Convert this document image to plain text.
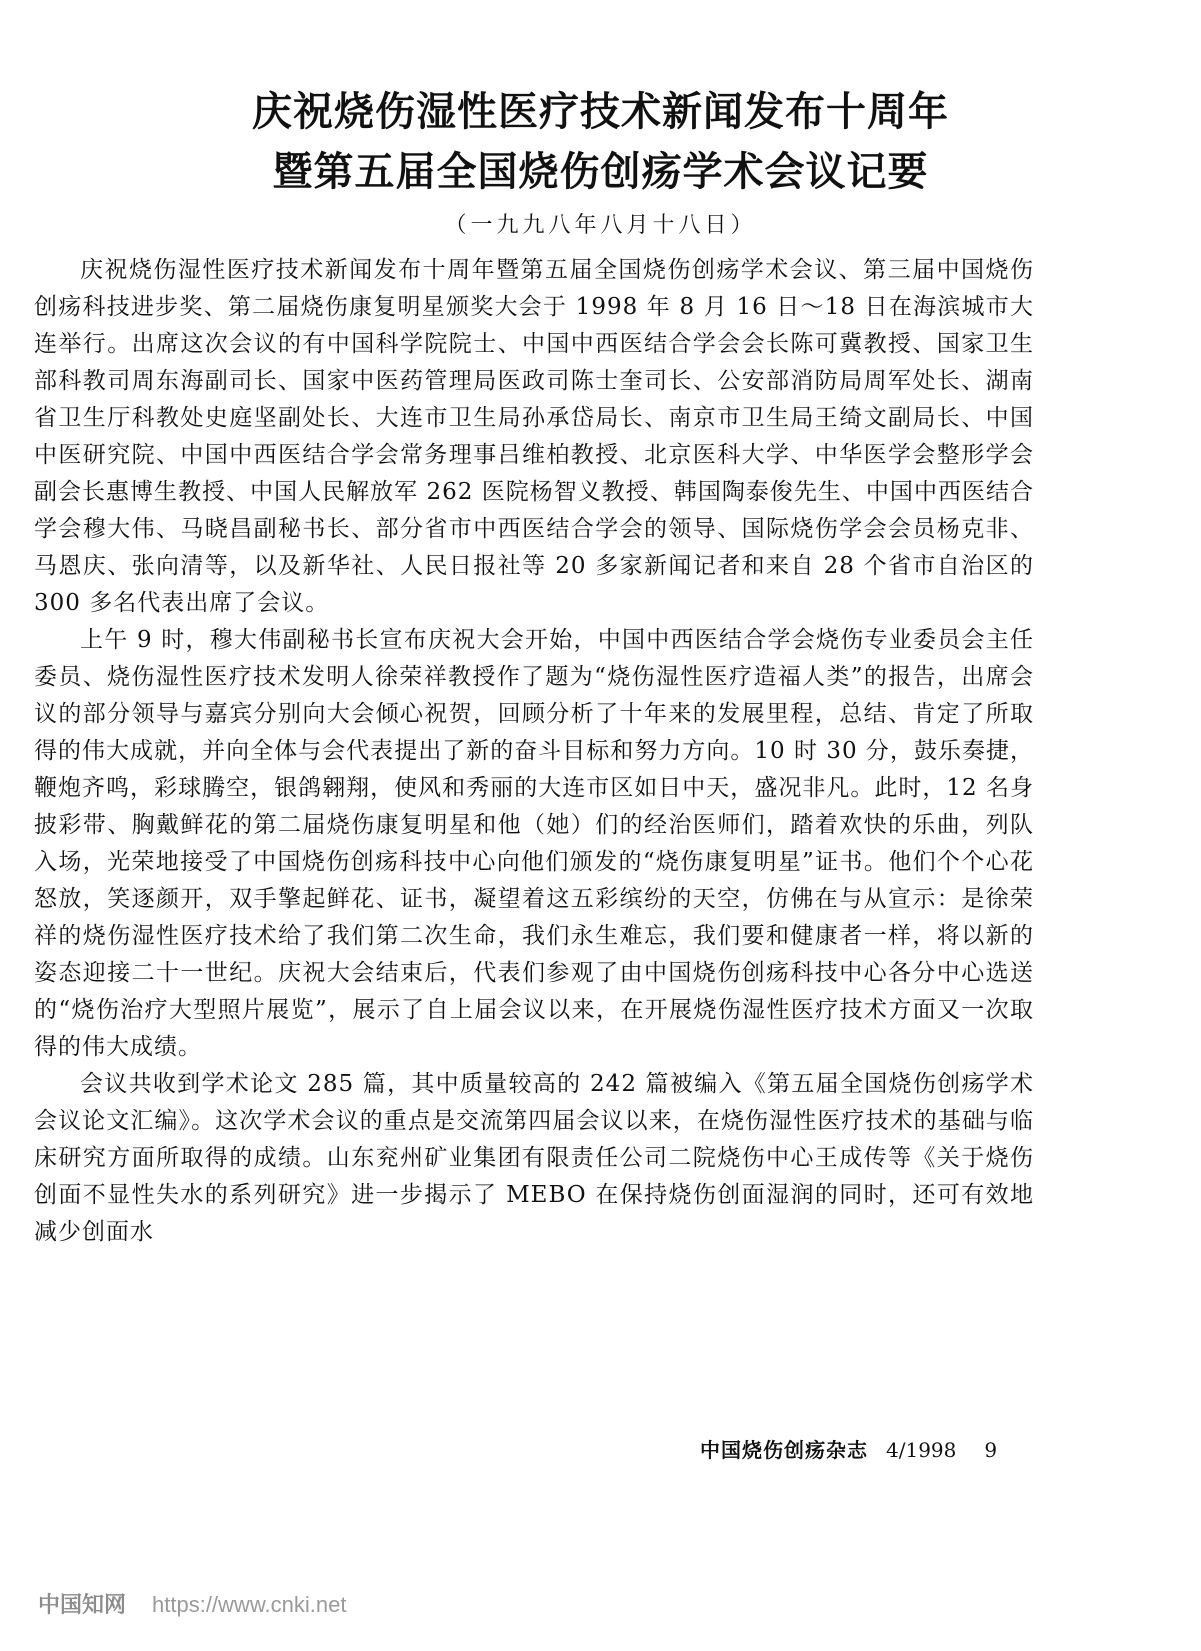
庆祝烧伤湿性医疗技术新闻发布十周年
暨第五届全国烧伤创疡学术会议记要
（一九九八年八月十八日）

庆祝烧伤湿性医疗技术新闻发布十周年暨第五届全国烧伤创疡学术会议、第三届中国烧伤创疡科技进步奖、第二届烧伤康复明星颁奖大会于 1998 年 8 月 16 日～18 日在海滨城市大连举行。出席这次会议的有中国科学院院士、中国中西医结合学会会长陈可冀教授、国家卫生部科教司周东海副司长、国家中医药管理局医政司陈士奎司长、公安部消防局周军处长、湖南省卫生厅科教处史庭坚副处长、大连市卫生局孙承岱局长、南京市卫生局王绮文副局长、中国中医研究院、中国中西医结合学会常务理事吕维柏教授、北京医科大学、中华医学会整形学会副会长惠博生教授、中国人民解放军 262 医院杨智义教授、韩国陶泰俊先生、中国中西医结合学会穆大伟、马晓昌副秘书长、部分省市中西医结合学会的领导、国际烧伤学会会员杨克非、马恩庆、张向清等，以及新华社、人民日报社等 20 多家新闻记者和来自 28 个省市自治区的 300 多名代表出席了会议。

上午 9 时，穆大伟副秘书长宣布庆祝大会开始，中国中西医结合学会烧伤专业委员会主任委员、烧伤湿性医疗技术发明人徐荣祥教授作了题为“烧伤湿性医疗造福人类”的报告，出席会议的部分领导与嘉宾分别向大会倾心祝贺，回顾分析了十年来的发展里程，总结、肯定了所取得的伟大成就，并向全体与会代表提出了新的奋斗目标和努力方向。10 时 30 分，鼓乐奏捷，鞭炮齐鸣，彩球腾空，银鸽翱翔，使风和秀丽的大连市区如日中天，盛况非凡。此时，12 名身披彩带、胸戴鲜花的第二届烧伤康复明星和他（她）们的经治医师们，踏着欢快的乐曲，列队入场，光荣地接受了中国烧伤创疡科技中心向他们颁发的“烧伤康复明星”证书。他们个个心花怒放，笑逐颜开，双手擎起鲜花、证书，凝望着这五彩缤纷的天空，仿佛在与从宣示：是徐荣祥的烧伤湿性医疗技术给了我们第二次生命，我们永生难忘，我们要和健康者一样，将以新的姿态迎接二十一世纪。庆祝大会结束后，代表们参观了由中国烧伤创疡科技中心各分中心选送的“烧伤治疗大型照片展览”，展示了自上届会议以来，在开展烧伤湿性医疗技术方面又一次取得的伟大成绩。

会议共收到学术论文 285 篇，其中质量较高的 242 篇被编入《第五届全国烧伤创疡学术会议论文汇编》。这次学术会议的重点是交流第四届会议以来，在烧伤湿性医疗技术的基础与临床研究方面所取得的成绩。山东兖州矿业集团有限责任公司二院烧伤中心王成传等《关于烧伤创面不显性失水的系列研究》进一步揭示了 MEBO 在保持烧伤创面湿润的同时，还可有效地减少创面水

中国烧伤创疡杂志 4/1998 9
中国知网 https://www.cnki.net
